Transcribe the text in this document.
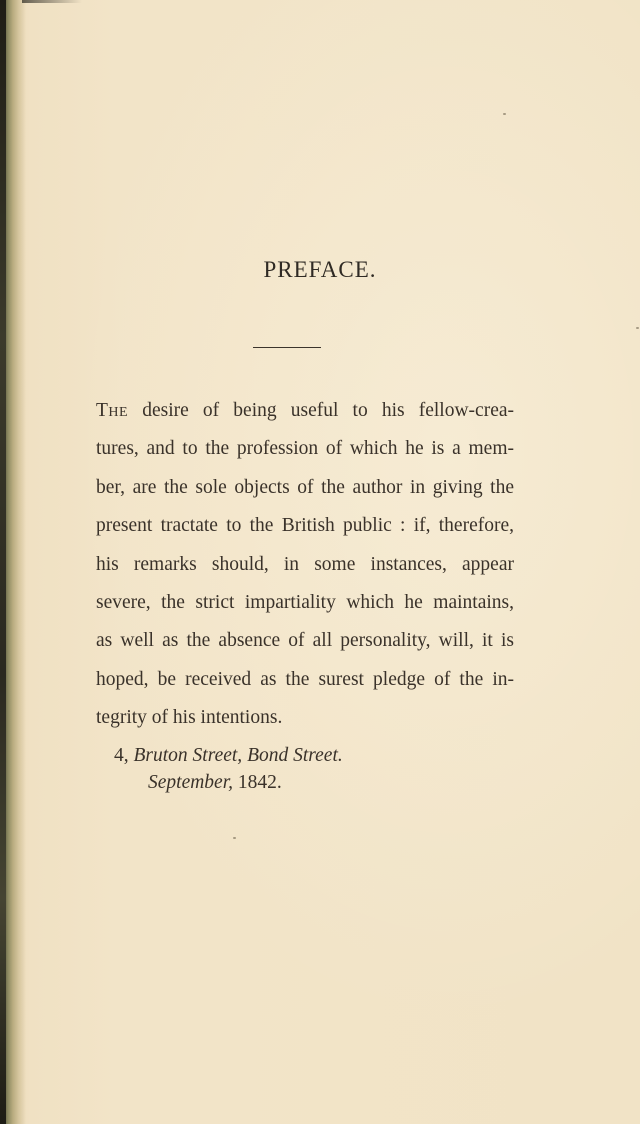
PREFACE.
The desire of being useful to his fellow-crea-
tures, and to the profession of which he is a mem-
ber, are the sole objects of the author in giving the
present tractate to the British public : if, therefore,
his remarks should, in some instances, appear
severe, the strict impartiality which he maintains,
as well as the absence of all personality, will, it is
hoped, be received as the surest pledge of the in-
tegrity of his intentions.
4, Bruton Street, Bond Street.
September, 1842.
